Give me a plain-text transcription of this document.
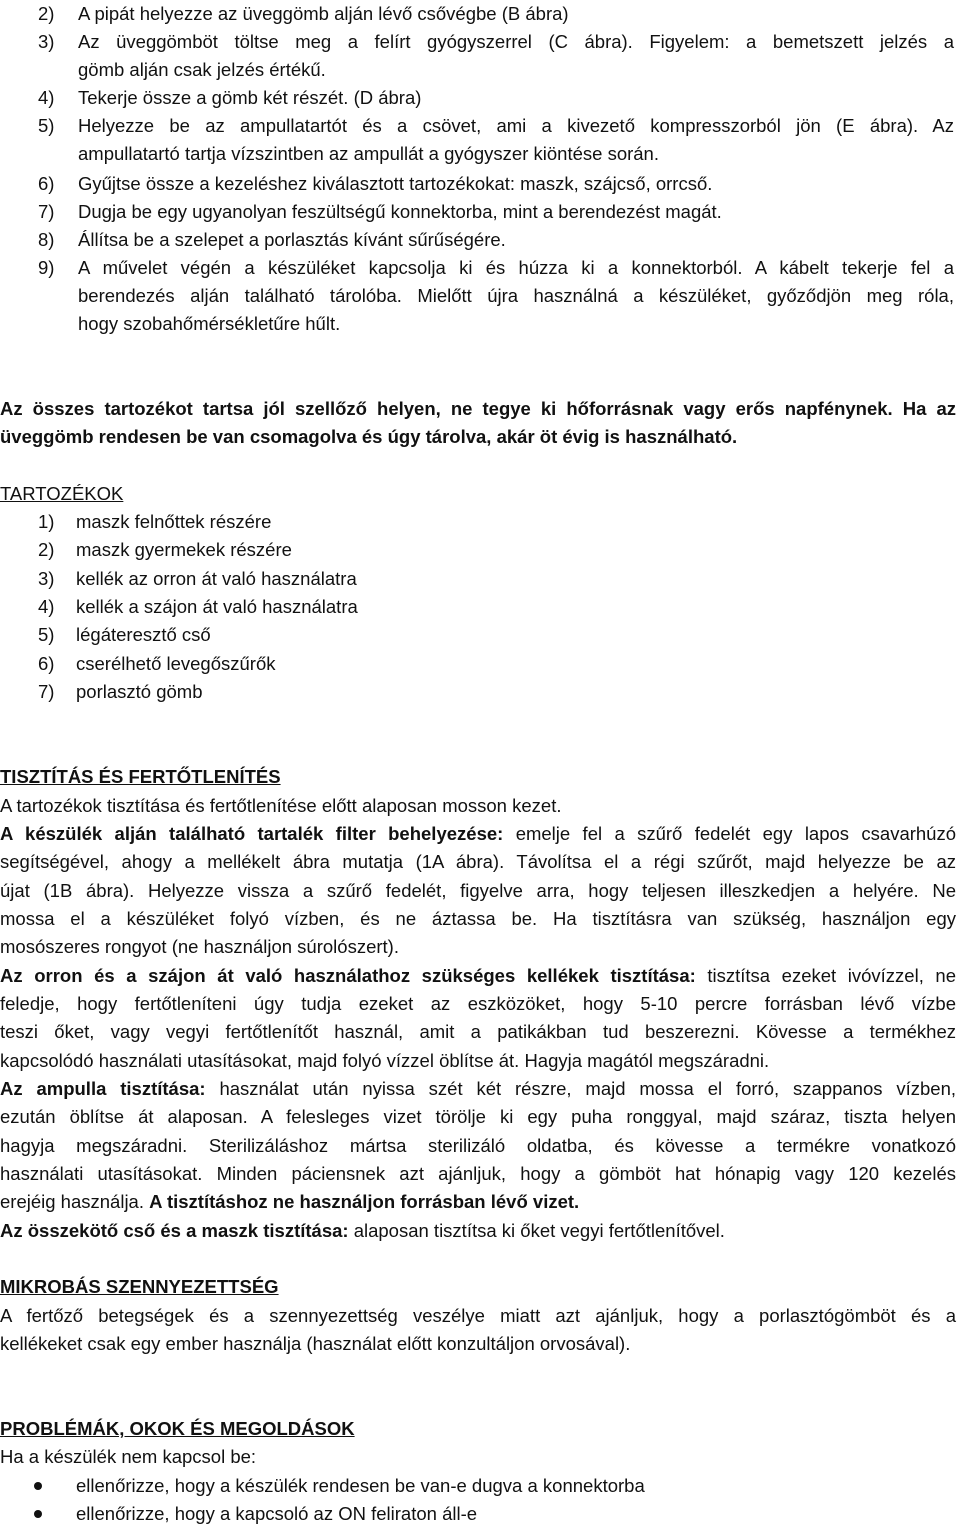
2)	A pipát helyezze az üveggömb alján lévő csővégbe (B ábra)
3)	Az üveggömböt töltse meg a felírt gyógyszerrel (C ábra). Figyelem: a bemetszett jelzés a
gömb alján csak jelzés értékű.
4)	Tekerje össze a gömb két részét. (D ábra)
5)	Helyezze be az ampullatartót és a csövet, ami a kivezető kompresszorból jön (E ábra). Az
ampullatartó tartja vízszintben az ampullát a gyógyszer kiöntése során.
6)	Gyűjtse össze a kezeléshez kiválasztott tartozékokat: maszk, szájcső, orrcső.
7)	Dugja be egy ugyanolyan feszültségű konnektorba, mint a berendezést magát.
8)	Állítsa be a szelepet a porlasztás kívánt sűrűségére.
9)	A művelet végén a készüléket kapcsolja ki és húzza ki a konnektorból. A kábelt tekerje fel a
berendezés alján található tárolóba. Mielőtt újra használná a készüléket, győződjön meg róla,
hogy szobahőmérsékletűre hűlt.
Az összes tartozékot tartsa jól szellőző helyen, ne tegye ki hőforrásnak vagy erős napfénynek. Ha az
üveggömb rendesen be van csomagolva és úgy tárolva, akár öt évig is használható.
TARTOZÉKOK
1)	maszk felnőttek részére
2)	maszk gyermekek részére
3)	kellék az orron át való használatra
4)	kellék a szájon át való használatra
5)	légáteresztő cső
6)	cserélhető levegőszűrők
7)	porlasztó gömb
TISZTÍTÁS ÉS FERTŐTLENÍTÉS
A tartozékok tisztítása és fertőtlenítése előtt alaposan mosson kezet.
A készülék alján található tartalék filter behelyezése: emelje fel a szűrő fedelét egy lapos csavarhúzó
segítségével, ahogy a mellékelt ábra mutatja (1A ábra). Távolítsa el a régi szűrőt, majd helyezze be az
újat (1B ábra). Helyezze vissza a szűrő fedelét, figyelve arra, hogy teljesen illeszkedjen a helyére. Ne
mossa el a készüléket folyó vízben, és ne áztassa be. Ha tisztításra van szükség, használjon egy
mosószeres rongyot (ne használjon súrolószert).
Az orron és a szájon át való használathoz szükséges kellékek tisztítása: tisztítsa ezeket ivóvízzel, ne
feledje, hogy fertőtleníteni úgy tudja ezeket az eszközöket, hogy 5-10 percre forrásban lévő vízbe
teszi őket, vagy vegyi fertőtlenítőt használ, amit a patikákban tud beszerezni. Kövesse a termékhez
kapcsolódó használati utasításokat, majd folyó vízzel öblítse át. Hagyja magától megszáradni.
Az ampulla tisztítása: használat után nyissa szét két részre, majd mossa el forró, szappanos vízben,
ezután öblítse át alaposan. A felesleges vizet törölje ki egy puha ronggyal, majd száraz, tiszta helyen
hagyja megszáradni. Sterilizáláshoz mártsa sterilizáló oldatba, és kövesse a termékre vonatkozó
használati utasításokat. Minden páciensnek azt ajánljuk, hogy a gömböt hat hónapig vagy 120 kezelés
erejéig használja. A tisztításhoz ne használjon forrásban lévő vizet.
Az összekötő cső és a maszk tisztítása: alaposan tisztítsa ki őket vegyi fertőtlenítővel.
MIKROBÁS SZENNYEZETTSÉG
A fertőző betegségek és a szennyezettség veszélye miatt azt ajánljuk, hogy a porlasztógömböt és a
kellékeket csak egy ember használja (használat előtt konzultáljon orvosával).
PROBLÉMÁK, OKOK ÉS MEGOLDÁSOK
Ha a készülék nem kapcsol be:
ellenőrizze, hogy a készülék rendesen be van-e dugva a konnektorba
ellenőrizze, hogy a kapcsoló az ON feliraton áll-e
